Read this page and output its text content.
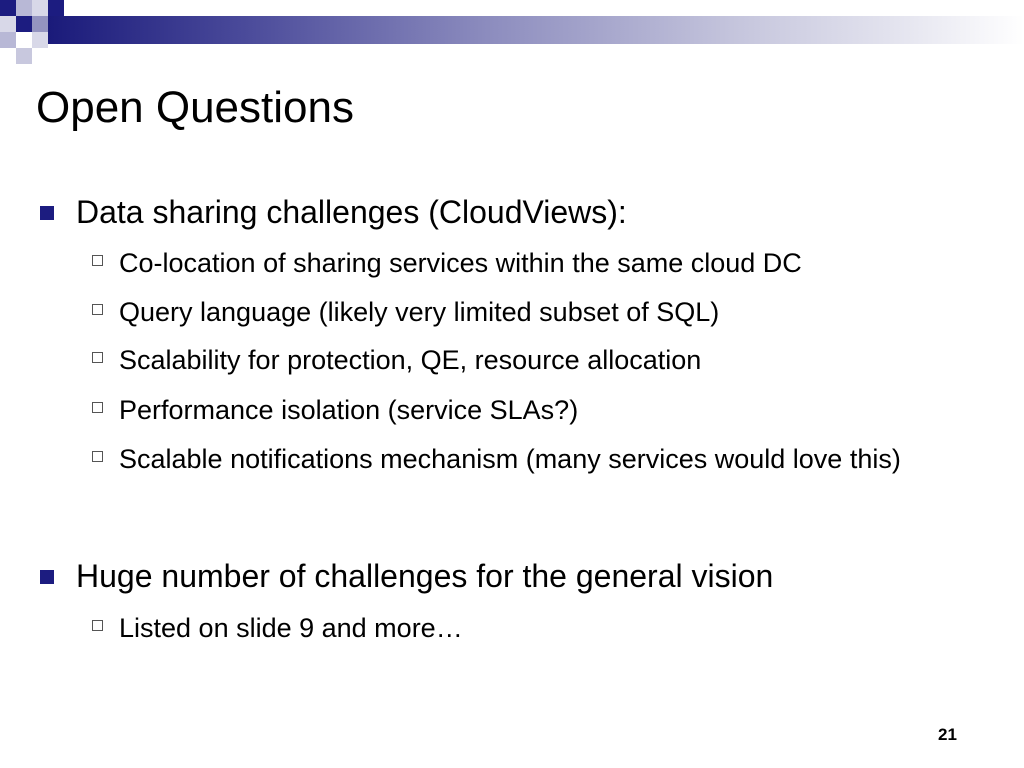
Open Questions
Data sharing challenges (CloudViews):
Co-location of sharing services within the same cloud DC
Query language (likely very limited subset of SQL)
Scalability for protection, QE, resource allocation
Performance isolation (service SLAs?)
Scalable notifications mechanism (many services would love this)
Huge number of challenges for the general vision
Listed on slide 9 and more…
21
